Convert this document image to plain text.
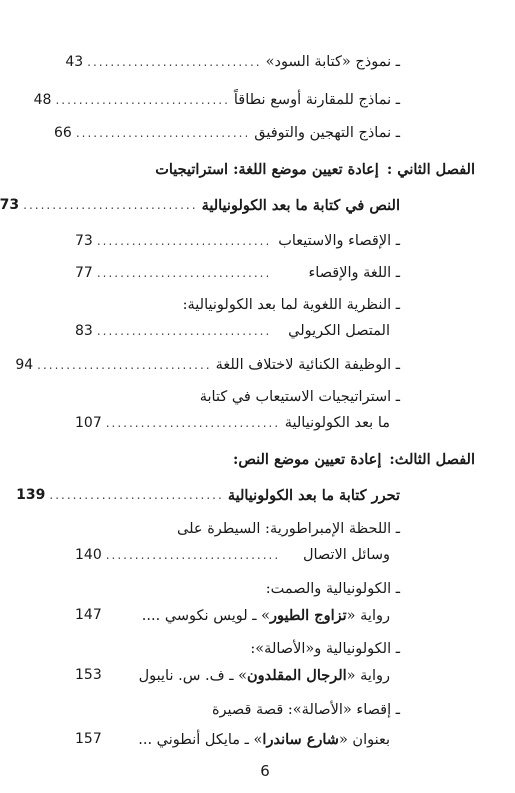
ـ نموذج «كتابة السود»
..............................
43
ـ نماذج للمقارنة أوسع نطاقاً
..............................
48
ـ نماذج التهجين والتوفيق
..............................
66
الفصل الثاني :
إعادة تعيين موضع اللغة: استراتيجيات
النص في كتابة ما بعد الكولونيالية
..............................
73
ـ الإقصاء والاستيعاب
..............................
73
ـ اللغة والإقصاء
..............................
77
ـ النظرية اللغوية لما بعد الكولونيالية:
المتصل الكريولي
..............................
83
ـ الوظيفة الكنائية لاختلاف اللغة
..............................
94
ـ استراتيجيات الاستيعاب في كتابة
ما بعد الكولونيالية
..............................
107
الفصل الثالث:
إعادة تعيين موضع النص:
تحرر كتابة ما بعد الكولونيالية
..............................
139
ـ اللحظة الإمبراطورية: السيطرة على
وسائل الاتصال
..............................
140
ـ الكولونيالية والصمت:
رواية «تزاوج الطيور» ـ لويس نكوسي ....
147
ـ الكولونيالية و«الأصالة»:
رواية «الرجال المقلدون» ـ ف. س. نايبول
153
ـ إقصاء «الأصالة»: قصة قصيرة
بعنوان «شارع ساندرا» ـ مايكل أنطوني ...
157
6
